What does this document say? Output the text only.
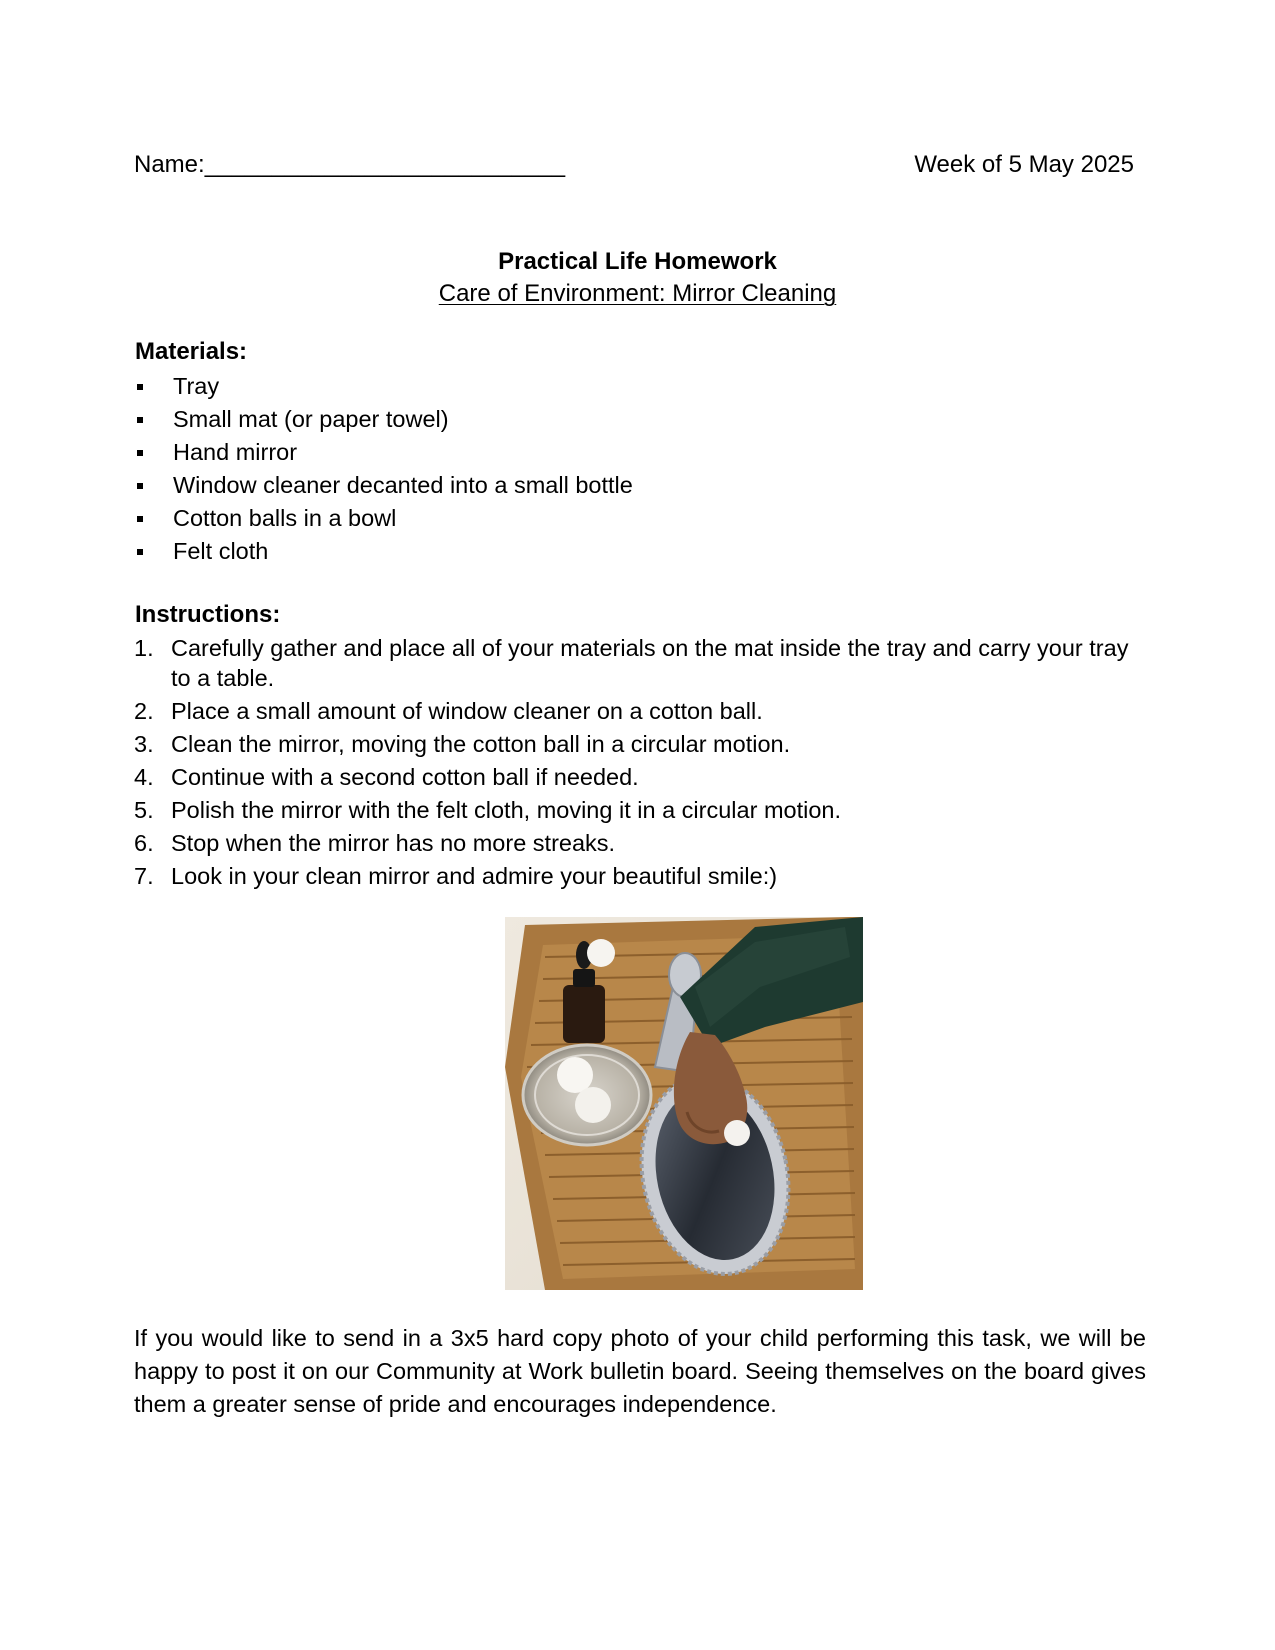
Name:___________________________	Week of 5 May 2025
Practical Life Homework
Care of Environment: Mirror Cleaning
Materials:
Tray
Small mat (or paper towel)
Hand mirror
Window cleaner decanted into a small bottle
Cotton balls in a bowl
Felt cloth
Instructions:
1. Carefully gather and place all of your materials on the mat inside the tray and carry your tray to a table.
2. Place a small amount of window cleaner on a cotton ball.
3. Clean the mirror, moving the cotton ball in a circular motion.
4. Continue with a second cotton ball if needed.
5. Polish the mirror with the felt cloth, moving it in a circular motion.
6. Stop when the mirror has no more streaks.
7. Look in your clean mirror and admire your beautiful smile:)
If you would like to send in a 3x5 hard copy photo of your child performing this task, we will be happy to post it on our Community at Work bulletin board. Seeing themselves on the board gives them a greater sense of pride and encourages independence.
